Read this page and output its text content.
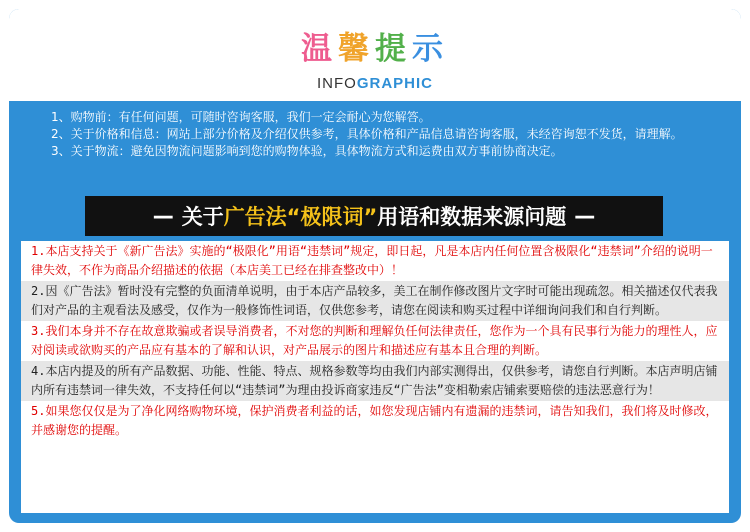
温馨提示
INFOGRAPHIC

1、购物前：有任何问题，可随时咨询客服，我们一定会耐心为您解答。

2、关于价格和信息：网站上部分价格及介绍仅供参考，具体价格和产品信息请咨询客服，未经咨询恕不发货，请理解。

3、关于物流：避免因物流问题影响到您的购物体验，具体物流方式和运费由双方事前协商决定。

— 关于 广告法“极限词” 用语和数据来源问题 —
1.本店支持关于《新广告法》实施的“极限化”用语“违禁词”规定，即日起，凡是本店内任何位置含极限化“违禁词”介绍的说明一律失效，不作为商品介绍描述的依据（本店美工已经在排查整改中）！
2.因《广告法》暂时没有完整的负面清单说明，由于本店产品较多，美工在制作修改图片文字时可能出现疏忽。相关描述仅代表我们对产品的主观看法及感受，仅作为一般修饰性词语，仅供您参考，请您在阅读和购买过程中详细询问我们和自行判断。
3.我们本身并不存在故意欺骗或者误导消费者，不对您的判断和理解负任何法律责任，您作为一个具有民事行为能力的理性人，应对阅读或欲购买的产品应有基本的了解和认识，对产品展示的图片和描述应有基本且合理的判断。
4.本店内提及的所有产品数据、功能、性能、特点、规格参数等均由我们内部实测得出，仅供参考，请您自行判断。本店声明店铺内所有违禁词一律失效，不支持任何以“违禁词”为理由投诉商家违反“广告法”变相勒索店铺索要赔偿的违法恶意行为！
5.如果您仅仅是为了净化网络购物环境，保护消费者利益的话，如您发现店铺内有遗漏的违禁词，请告知我们，我们将及时修改，并感谢您的提醒。
